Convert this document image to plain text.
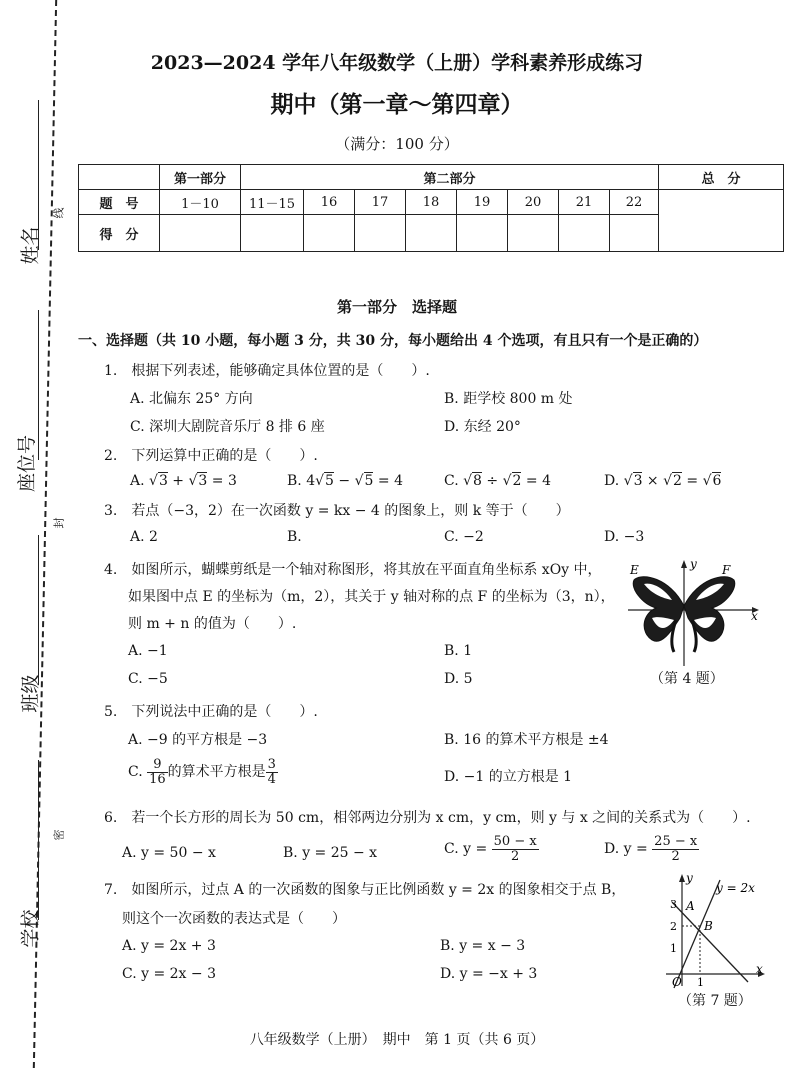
姓名
座位号
班级
学校
线
封
密
2023—2024 学年八年级数学（上册）学科素养形成练习
期中（第一章～第四章）
（满分：100 分）
	第一部分	第二部分								总　分
题　号	1－10	11－15	16	17	18	19	20	21	22	
得　分										
第一部分　选择题
一、选择题（共 10 小题，每小题 3 分，共 30 分，每小题给出 4 个选项，有且只有一个是正确的）
1.　根据下列表述，能够确定具体位置的是（　　）.
A. 北偏东 25° 方向	B. 距学校 800 m 处
C. 深圳大剧院音乐厅 8 排 6 座	D. 东经 20°
2.　下列运算中正确的是（　　）.
A. √3 + √3 = 3	B. 4√5 − √5 = 4	C. √8 ÷ √2 = 4	D. √3 × √2 = √6
3.　若点（−3，2）在一次函数 y = kx − 4 的图象上，则 k 等于（　　）
A. 2	B.	C. −2	D. −3
4.　如图所示，蝴蝶剪纸是一个轴对称图形，将其放在平面直角坐标系 xOy 中，
如果图中点 E 的坐标为（m，2），其关于 y 轴对称的点 F 的坐标为（3，n），
则 m + n 的值为（　　）.
A. −1	B. 1
C. −5	D. 5
E	F
x
y
（第 4 题）
5.　下列说法中正确的是（　　）.
A. −9 的平方根是 −3	B. 16 的算术平方根是 ±4
C. $\frac{9}{16}$ 的算术平方根是 $\frac{3}{4}$	D. −1 的立方根是 1
6.　若一个长方形的周长为 50 cm，相邻两边分别为 x cm，y cm，则 y 与 x 之间的关系式为（　　）.
A. y = 50 − x	B. y = 25 − x	C. $y = \frac{50 - x}{2}$	D. $y = \frac{25 - x}{2}$
7.　如图所示，过点 A 的一次函数的图象与正比例函数 y = 2x 的图象相交于点 B，
则这个一次函数的表达式是（　　）
A. y = 2x + 3	B. y = x − 3
C. y = 2x − 3	D. y = −x + 3
y
x
y = 2x
A
B
O
3
2
1
1
（第 7 题）
八年级数学（上册）　期中　第 1 页（共 6 页）
